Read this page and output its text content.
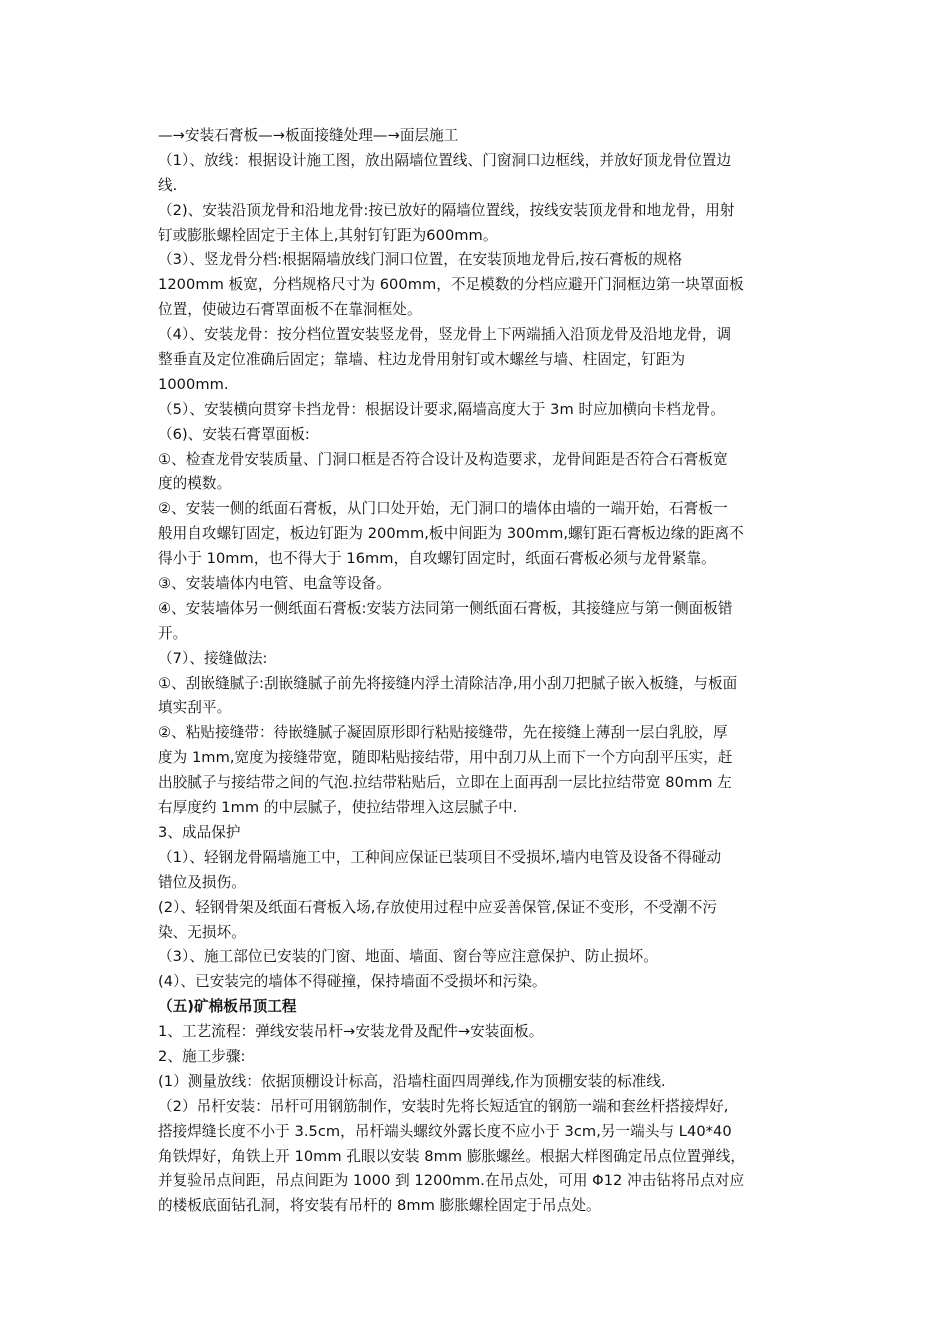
—→安装石膏板—→板面接缝处理—→面层施工
（1）、放线：根据设计施工图，放出隔墙位置线、门窗洞口边框线，并放好顶龙骨位置边
线.
（2)、安装沿顶龙骨和沿地龙骨:按已放好的隔墙位置线，按线安装顶龙骨和地龙骨，用射
钉或膨胀螺栓固定于主体上,其射钉钉距为600mm。
（3）、竖龙骨分档:根据隔墙放线门洞口位置，在安装顶地龙骨后,按石膏板的规格
1200mm 板宽，分档规格尺寸为 600mm，不足模数的分档应避开门洞框边第一块罩面板
位置，使破边石膏罩面板不在靠洞框处。
（4）、安装龙骨：按分档位置安装竖龙骨，竖龙骨上下两端插入沿顶龙骨及沿地龙骨，调
整垂直及定位准确后固定；靠墙、柱边龙骨用射钉或木螺丝与墙、柱固定，钉距为
1000mm.
（5）、安装横向贯穿卡挡龙骨：根据设计要求,隔墙高度大于 3m 时应加横向卡档龙骨。
（6)、安装石膏罩面板:
①、检查龙骨安装质量、门洞口框是否符合设计及构造要求，龙骨间距是否符合石膏板宽
度的模数。
②、安装一侧的纸面石膏板，从门口处开始，无门洞口的墙体由墙的一端开始，石膏板一
般用自攻螺钉固定，板边钉距为 200mm,板中间距为 300mm,螺钉距石膏板边缘的距离不
得小于 10mm，也不得大于 16mm，自攻螺钉固定时，纸面石膏板必须与龙骨紧靠。
③、安装墙体内电管、电盒等设备。
④、安装墙体另一侧纸面石膏板:安装方法同第一侧纸面石膏板，其接缝应与第一侧面板错
开。
（7）、接缝做法:
①、刮嵌缝腻子:刮嵌缝腻子前先将接缝内浮土清除洁净,用小刮刀把腻子嵌入板缝，与板面
填实刮平。
②、粘贴接缝带：待嵌缝腻子凝固原形即行粘贴接缝带，先在接缝上薄刮一层白乳胶，厚
度为 1mm,宽度为接缝带宽，随即粘贴接结带，用中刮刀从上而下一个方向刮平压实，赶
出胶腻子与接结带之间的气泡.拉结带粘贴后，立即在上面再刮一层比拉结带宽 80mm 左
右厚度约 1mm 的中层腻子，使拉结带埋入这层腻子中.
3、成品保护
（1）、轻钢龙骨隔墙施工中，工种间应保证已装项目不受损坏,墙内电管及设备不得碰动
错位及损伤。
(2）、轻钢骨架及纸面石膏板入场,存放使用过程中应妥善保管,保证不变形，不受潮不污
染、无损坏。
（3）、施工部位已安装的门窗、地面、墙面、窗台等应注意保护、防止损坏。
(4）、已安装完的墙体不得碰撞，保持墙面不受损坏和污染。
（五)矿棉板吊顶工程
1、工艺流程：弹线安装吊杆→安装龙骨及配件→安装面板。
2、施工步骤:
(1）测量放线：依据顶棚设计标高，沿墙柱面四周弹线,作为顶棚安装的标准线.
（2）吊杆安装：吊杆可用钢筋制作，安装时先将长短适宜的钢筋一端和套丝杆搭接焊好,
搭接焊缝长度不小于 3.5cm，吊杆端头螺纹外露长度不应小于 3cm,另一端头与 L40*40
角铁焊好，角铁上开 10mm 孔眼以安装 8mm 膨胀螺丝。根据大样图确定吊点位置弹线，
并复验吊点间距，吊点间距为 1000 到 1200mm.在吊点处，可用 Φ12 冲击钻将吊点对应
的楼板底面钻孔洞，将安装有吊杆的 8mm 膨胀螺栓固定于吊点处。
